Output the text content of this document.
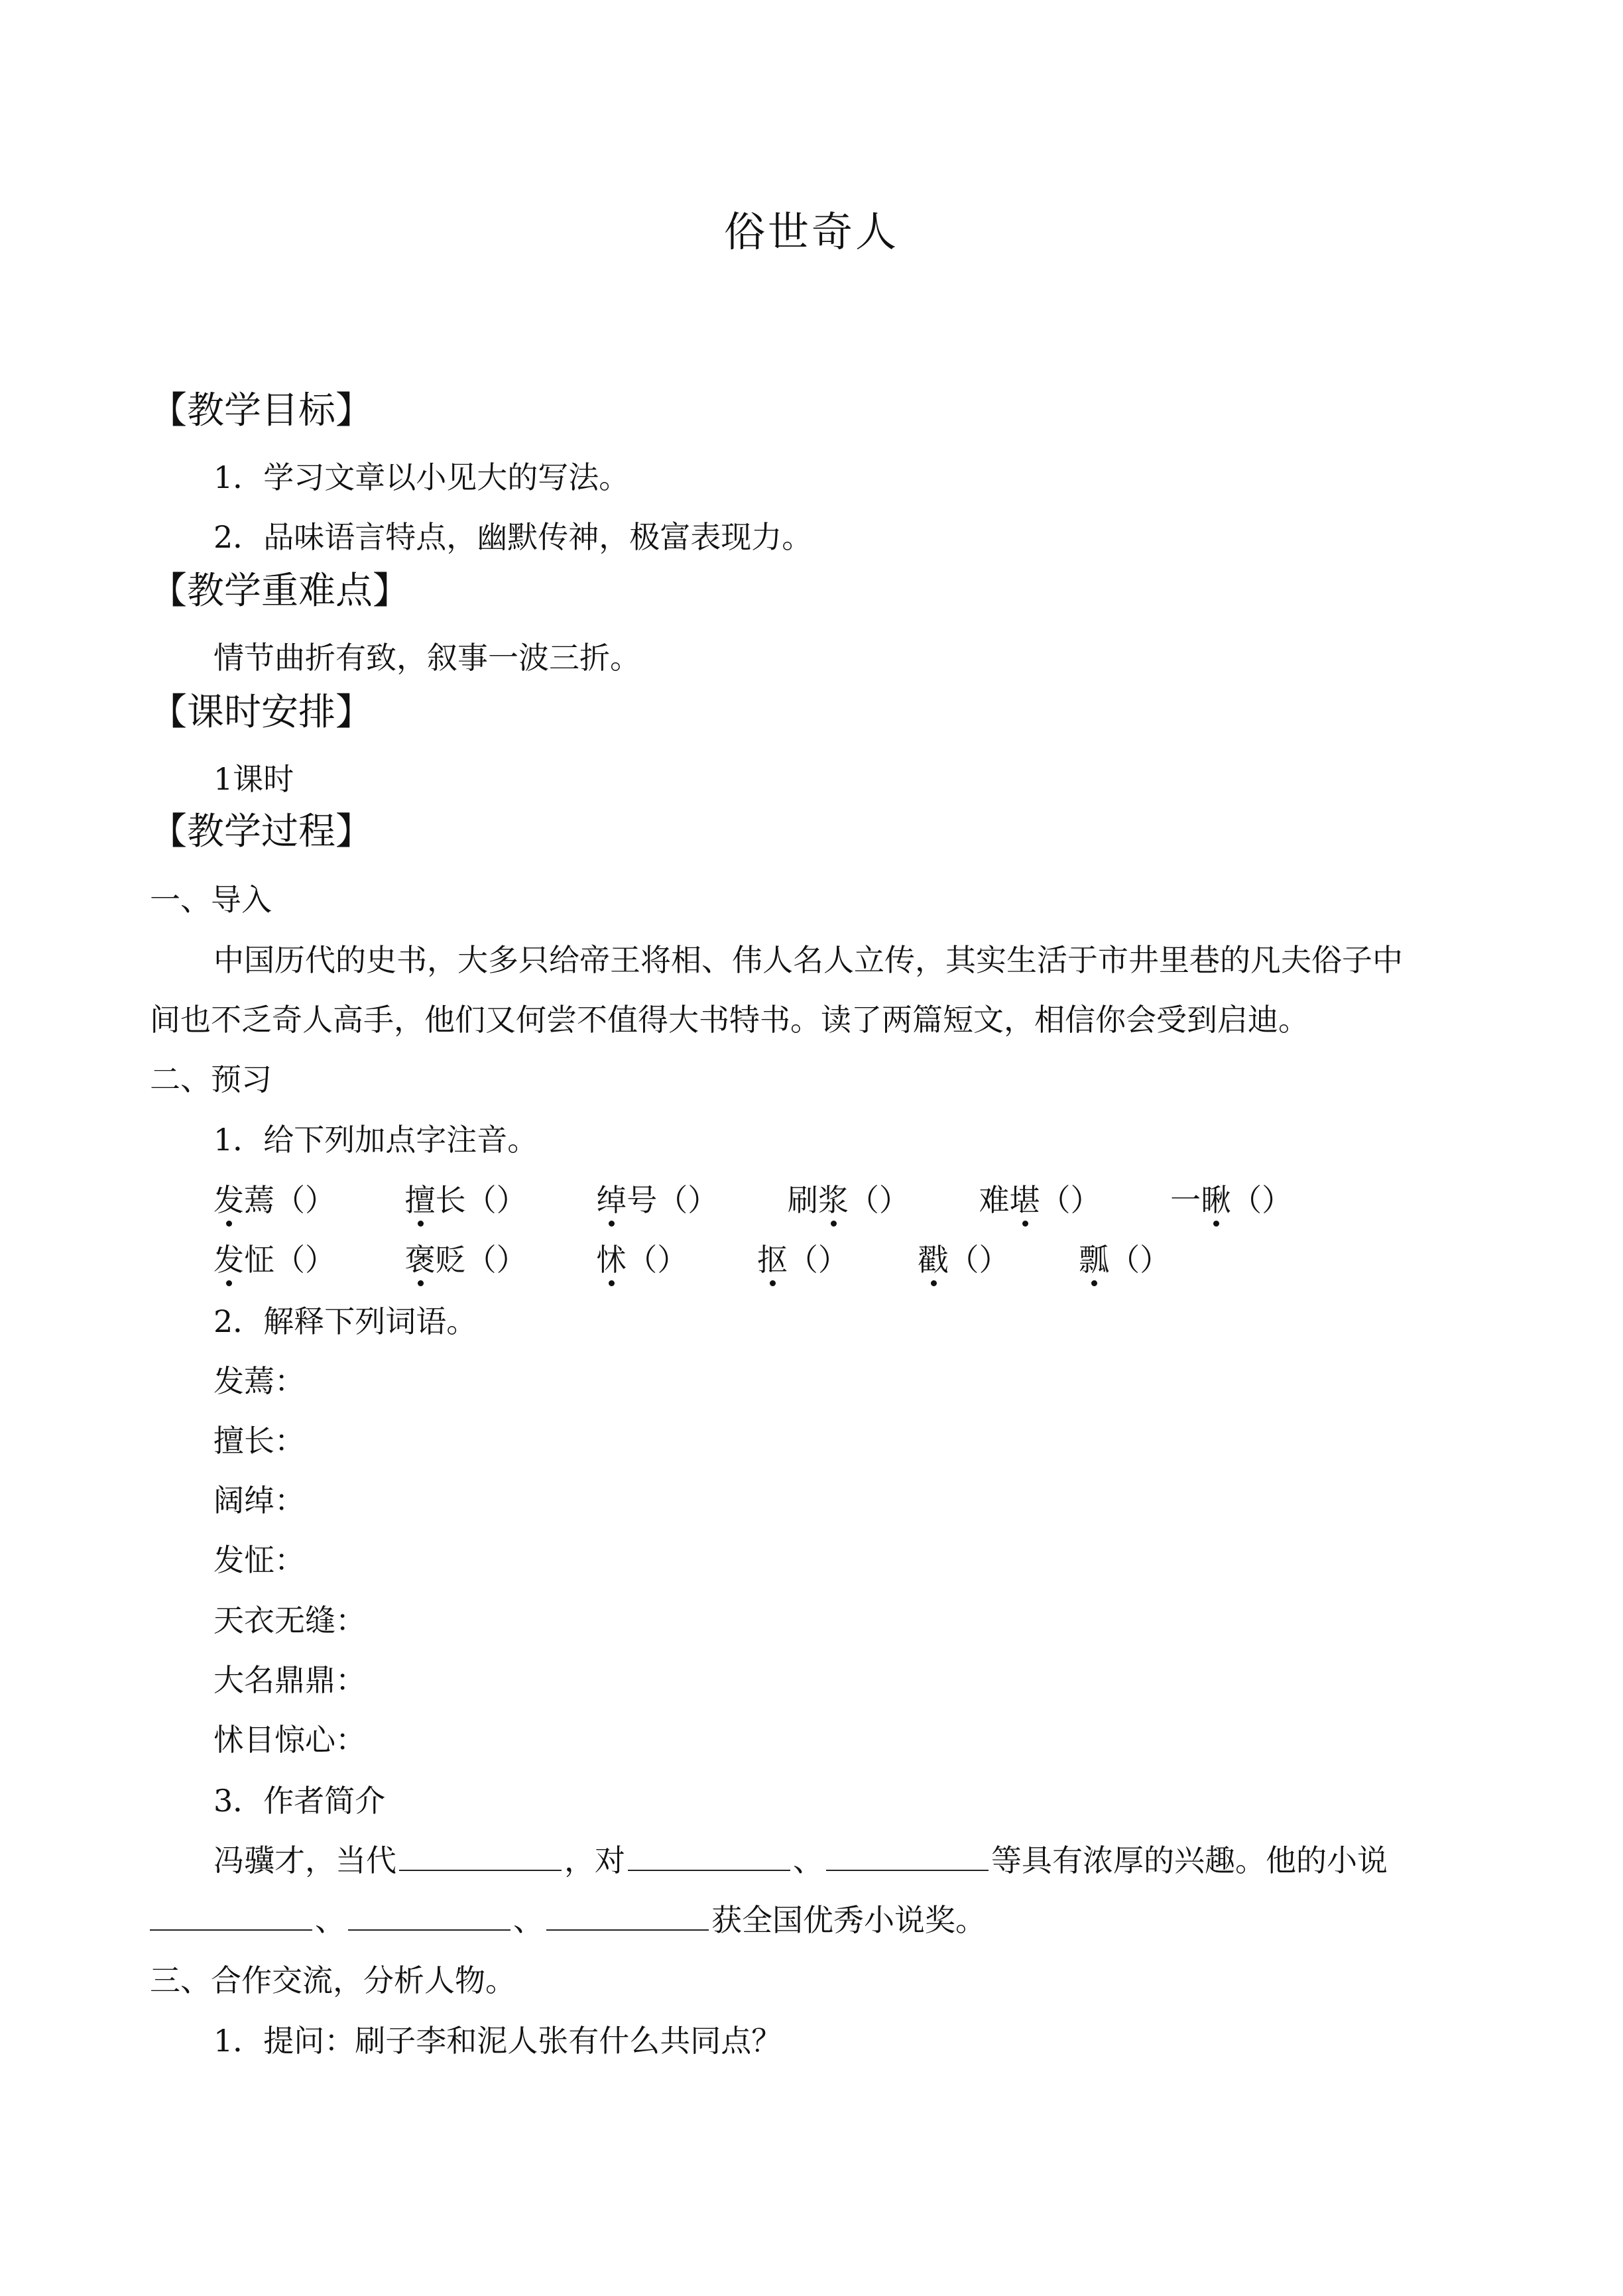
俗世奇人
【教学目标】
1．学习文章以小见大的写法。
2．品味语言特点，幽默传神，极富表现力。
【教学重难点】
情节曲折有致，叙事一波三折。
【课时安排】
1课时
【教学过程】
一、导入
中国历代的史书，大多只给帝王将相、伟人名人立传，其实生活于市井里巷的凡夫俗子中
间也不乏奇人高手，他们又何尝不值得大书特书。读了两篇短文，相信你会受到启迪。
二、预习
1．给下列加点字注音。
发蔫（） 擅长（） 绰号（） 刷浆（） 难堪（） 一瞅（）
发怔（） 褒贬（） 怵（） 抠（） 戳（） 瓢（）
2．解释下列词语。
发蔫：
擅长：
阔绰：
发怔：
天衣无缝：
大名鼎鼎：
怵目惊心：
3．作者简介
冯骥才，当代	，对	、	等具有浓厚的兴趣。他的小说
、	、	获全国优秀小说奖。
三、合作交流，分析人物。
1．提问：刷子李和泥人张有什么共同点？
